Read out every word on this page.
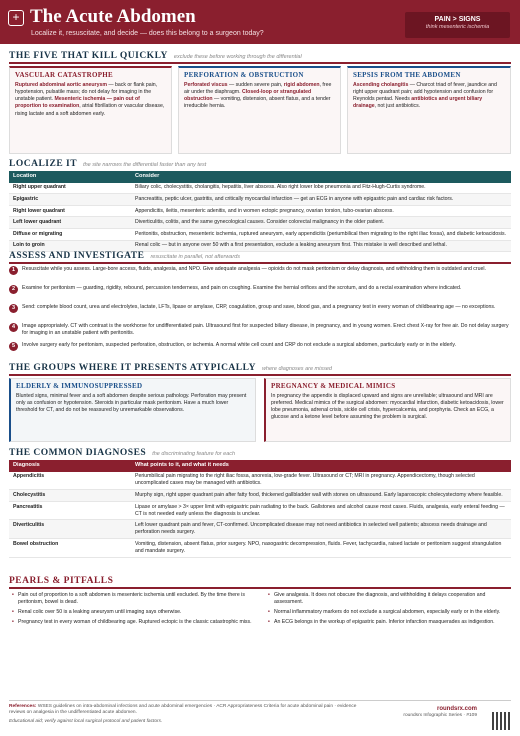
+ The Acute Abdomen
Localize it, resuscitate, and decide — does this belong to a surgeon today?
PAIN > SIGNS
think mesenteric ischemia
THE FIVE THAT KILL QUICKLY exclude these before working through the differential
VASCULAR CATASTROPHE
Ruptured abdominal aortic aneurysm — back or flank pain, hypotension, pulsatile mass; do not delay for imaging in the unstable patient. Mesenteric ischemia — pain out of proportion to examination, atrial fibrillation or vascular disease, rising lactate and a soft abdomen early.
PERFORATION & OBSTRUCTION
Perforated viscus — sudden severe pain, rigid abdomen, free air under the diaphragm. Closed-loop or strangulated obstruction — vomiting, distension, absent flatus, and a tender irreducible hernia.
SEPSIS FROM THE ABDOMEN
Ascending cholangitis — Charcot triad of fever, jaundice and right upper quadrant pain; add hypotension and confusion for Reynolds pentad. Needs antibiotics and urgent biliary drainage, not just antibiotics.
LOCALIZE IT the site narrows the differential faster than any test
Location	Consider
Right upper quadrant	Biliary colic, cholecystitis, cholangitis, hepatitis, liver abscess. Also right lower lobe pneumonia and Fitz-Hugh-Curtis syndrome.
Epigastric	Pancreatitis, peptic ulcer, gastritis, and critically myocardial infarction — get an ECG in anyone with epigastric pain and cardiac risk factors.
Right lower quadrant	Appendicitis, ileitis, mesenteric adenitis, and in women ectopic pregnancy, ovarian torsion, tubo-ovarian abscess.
Left lower quadrant	Diverticulitis, colitis, and the same gynecological causes. Consider colorectal malignancy in the older patient.
Diffuse or migrating	Peritonitis, obstruction, mesenteric ischemia, ruptured aneurysm, early appendicitis (periumbilical then migrating to the right iliac fossa), and diabetic ketoacidosis.
Loin to groin	Renal colic — but in anyone over 50 with a first presentation, exclude a leaking aneurysm first. This mistake is well described and lethal.
ASSESS AND INVESTIGATE resuscitate in parallel, not afterwards
1	Resuscitate while you assess. Large-bore access, fluids, analgesia, and NPO. Give adequate analgesia — opioids do not mask peritonism or delay diagnosis, and withholding them is outdated and cruel.
2	Examine for peritonism — guarding, rigidity, rebound, percussion tenderness, and pain on coughing. Examine the hernial orifices and the scrotum, and do a rectal examination where indicated.
3	Send: complete blood count, urea and electrolytes, lactate, LFTs, lipase or amylase, CRP, coagulation, group and save, blood gas, and a pregnancy test in every woman of childbearing age — no exceptions.
4	Image appropriately. CT with contrast is the workhorse for undifferentiated pain. Ultrasound first for suspected biliary disease, in pregnancy, and in young women. Erect chest X-ray for free air. Do not delay surgery for imaging in an unstable patient with peritonitis.
5	Involve surgery early for peritonism, suspected perforation, obstruction, or ischemia. A normal white cell count and CRP do not exclude a surgical abdomen, particularly early or in the elderly.
THE GROUPS WHERE IT PRESENTS ATYPICALLY where diagnoses are missed
ELDERLY & IMMUNOSUPPRESSED
Blunted signs, minimal fever and a soft abdomen despite serious pathology. Perforation may present only as confusion or hypotension. Steroids in particular mask peritonism. Have a much lower threshold for CT, and do not be reassured by unremarkable observations.
PREGNANCY & MEDICAL MIMICS
In pregnancy the appendix is displaced upward and signs are unreliable; ultrasound and MRI are preferred. Medical mimics of the surgical abdomen: myocardial infarction, diabetic ketoacidosis, lower lobe pneumonia, adrenal crisis, sickle cell crisis, hypercalcemia, and porphyria. Check an ECG, a glucose and a ketone level before assuming the problem is surgical.
THE COMMON DIAGNOSES the discriminating feature for each
Diagnosis	What points to it, and what it needs
Appendicitis	Periumbilical pain migrating to the right iliac fossa, anorexia, low-grade fever. Ultrasound or CT; MRI in pregnancy. Appendicectomy, though selected uncomplicated cases may be managed with antibiotics.
Cholecystitis	Murphy sign, right upper quadrant pain after fatty food, thickened gallbladder wall with stones on ultrasound. Early laparoscopic cholecystectomy where feasible.
Pancreatitis	Lipase or amylase > 3× upper limit with epigastric pain radiating to the back. Gallstones and alcohol cause most cases. Fluids, analgesia, early enteral feeding — CT is not needed early unless the diagnosis is unclear.
Diverticulitis	Left lower quadrant pain and fever, CT-confirmed. Uncomplicated disease may not need antibiotics in selected well patients; abscess needs drainage and perforation needs surgery.
Bowel obstruction	Vomiting, distension, absent flatus, prior surgery. NPO, nasogastric decompression, fluids. Fever, tachycardia, raised lactate or peritonism suggest strangulation and mandate surgery.
PEARLS & PITFALLS
• Pain out of proportion to a soft abdomen is mesenteric ischemia until excluded. By the time there is peritonism, bowel is dead.
• Renal colic over 50 is a leaking aneurysm until imaging says otherwise.
• Pregnancy test in every woman of childbearing age. Ruptured ectopic is the classic catastrophic miss.
• Give analgesia. It does not obscure the diagnosis, and withholding it delays cooperation and assessment.
• Normal inflammatory markers do not exclude a surgical abdomen, especially early or in the elderly.
• An ECG belongs in the workup of epigastric pain. Inferior infarction masquerades as indigestion.
References: WSES guidelines on intra-abdominal infections and acute abdominal emergencies · ACR Appropriateness Criteria for acute abdominal pain · evidence reviews on analgesia in the undifferentiated acute abdomen.
Educational aid; verify against local surgical protocol and patient factors.
roundsrx.com
roundsrx Infographic Series · #109
